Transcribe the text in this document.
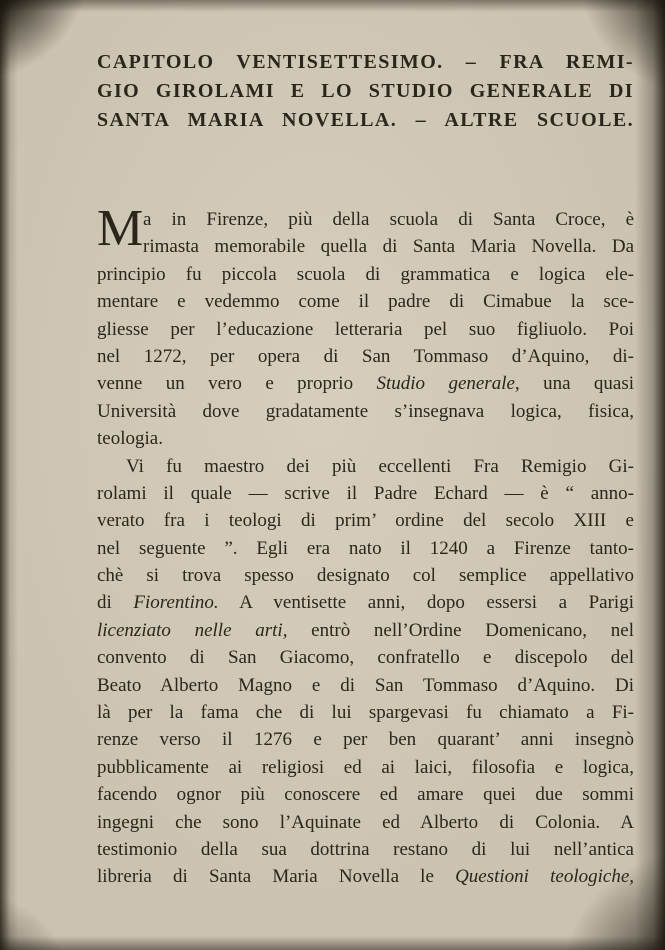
CAPITOLO VENTISETTESIMO. – FRA REMI-
GIO GIROLAMI E LO STUDIO GENERALE DI
SANTA MARIA NOVELLA. – ALTRE SCUOLE.
M a in Firenze, più della scuola di Santa Croce, è
rimasta memorabile quella di Santa Maria Novella. Da
principio fu piccola scuola di grammatica e logica ele-
mentare e vedemmo come il padre di Cimabue la sce-
gliesse per l’educazione letteraria pel suo figliuolo. Poi
nel 1272, per opera di San Tommaso d’Aquino, di-
venne un vero e proprio Studio generale, una quasi
Università dove gradatamente s’insegnava logica, fisica,
teologia.
Vi fu maestro dei più eccellenti Fra Remigio Gi-
rolami il quale — scrive il Padre Echard — è “ anno-
verato fra i teologi di prim’ ordine del secolo XIII e
nel seguente ”. Egli era nato il 1240 a Firenze tanto-
chè si trova spesso designato col semplice appellativo
di Fiorentino. A ventisette anni, dopo essersi a Parigi
licenziato nelle arti, entrò nell’Ordine Domenicano, nel
convento di San Giacomo, confratello e discepolo del
Beato Alberto Magno e di San Tommaso d’Aquino. Di
là per la fama che di lui spargevasi fu chiamato a Fi-
renze verso il 1276 e per ben quarant’ anni insegnò
pubblicamente ai religiosi ed ai laici, filosofia e logica,
facendo ognor più conoscere ed amare quei due sommi
ingegni che sono l’Aquinate ed Alberto di Colonia. A
testimonio della sua dottrina restano di lui nell’antica
libreria di Santa Maria Novella le Questioni teologiche,
